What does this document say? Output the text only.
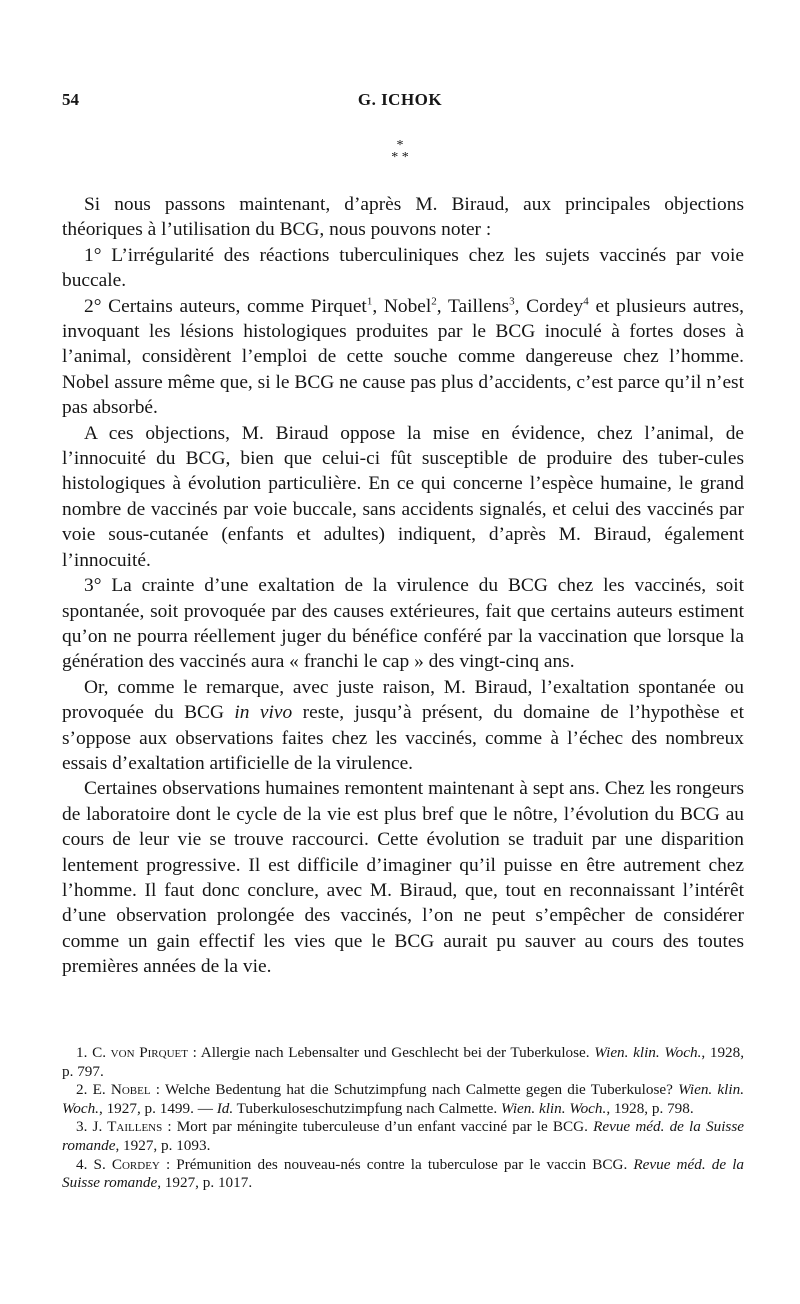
54	G. ICHOK
*
* *

Si nous passons maintenant, d’après M. Biraud, aux principales objections théoriques à l’utilisation du BCG, nous pouvons noter :

1° L’irrégularité des réactions tuberculiniques chez les sujets vaccinés par voie buccale.

2° Certains auteurs, comme Pirquet$^1$, Nobel$^2$, Taillens$^3$, Cordey$^4$ et plusieurs autres, invoquant les lésions histologiques produites par le BCG inoculé à fortes doses à l’animal, considèrent l’emploi de cette souche comme dangereuse chez l’homme. Nobel assure même que, si le BCG ne cause pas plus d’accidents, c’est parce qu’il n’est pas absorbé.

A ces objections, M. Biraud oppose la mise en évidence, chez l’animal, de l’innocuité du BCG, bien que celui-ci fût susceptible de produire des tuber-cules histologiques à évolution particulière. En ce qui concerne l’espèce humaine, le grand nombre de vaccinés par voie buccale, sans accidents signalés, et celui des vaccinés par voie sous-cutanée (enfants et adultes) indiquent, d’après M. Biraud, également l’innocuité.

3° La crainte d’une exaltation de la virulence du BCG chez les vaccinés, soit spontanée, soit provoquée par des causes extérieures, fait que certains auteurs estiment qu’on ne pourra réellement juger du bénéfice conféré par la vaccination que lorsque la génération des vaccinés aura « franchi le cap » des vingt-cinq ans.

Or, comme le remarque, avec juste raison, M. Biraud, l’exaltation spontanée ou provoquée du BCG in vivo reste, jusqu’à présent, du domaine de l’hypothèse et s’oppose aux observations faites chez les vaccinés, comme à l’échec des nombreux essais d’exaltation artificielle de la virulence.

Certaines observations humaines remontent maintenant à sept ans. Chez les rongeurs de laboratoire dont le cycle de la vie est plus bref que le nôtre, l’évolution du BCG au cours de leur vie se trouve raccourci. Cette évolution se traduit par une disparition lentement progressive. Il est difficile d’imaginer qu’il puisse en être autrement chez l’homme. Il faut donc conclure, avec M. Biraud, que, tout en reconnaissant l’intérêt d’une observation prolongée des vaccinés, l’on ne peut s’empêcher de considérer comme un gain effectif les vies que le BCG aurait pu sauver au cours des toutes premières années de la vie.

1. C. von Pirquet : Allergie nach Lebensalter und Geschlecht bei der Tuberkulose. Wien. klin. Woch., 1928, p. 797.

2. E. Nobel : Welche Bedentung hat die Schutzimpfung nach Calmette gegen die Tuberkulose? Wien. klin. Woch., 1927, p. 1499. — Id. Tuberkuloseschutzimpfung nach Calmette. Wien. klin. Woch., 1928, p. 798.

3. J. Taillens : Mort par méningite tuberculeuse d’un enfant vacciné par le BCG. Revue méd. de la Suisse romande, 1927, p. 1093.

4. S. Cordey : Prémunition des nouveau-nés contre la tuberculose par le vaccin BCG. Revue méd. de la Suisse romande, 1927, p. 1017.
